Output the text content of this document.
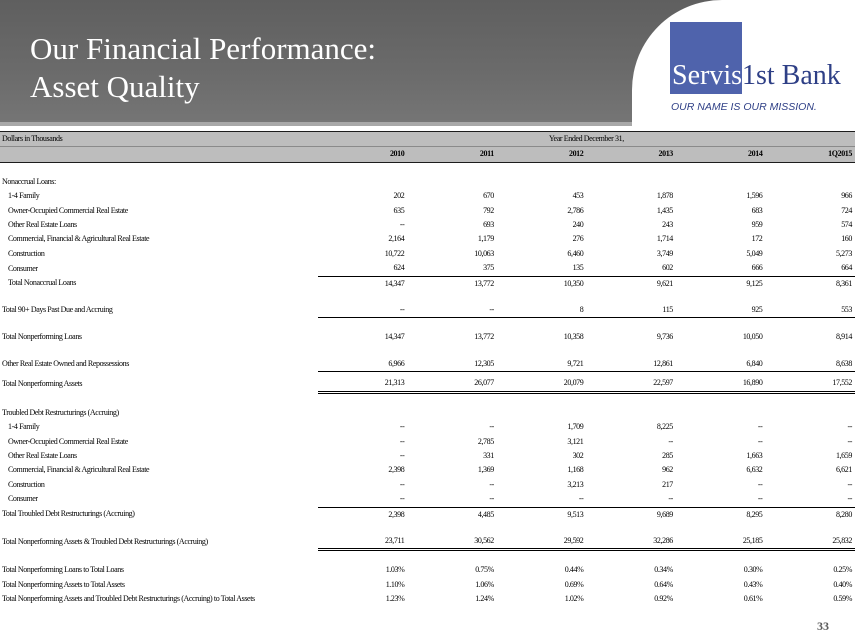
Our Financial Performance:
Asset Quality	Servis1st Bank
OUR NAME IS OUR MISSION.
Dollars in Thousands	Year Ended December 31,					
	2010	2011	2012	2013	2014	1Q2015

Nonaccrual Loans:						
1-4 Family	202	670	453	1,878	1,596	966
Owner-Occupied Commercial Real Estate	635	792	2,786	1,435	683	724
Other Real Estate Loans	--	693	240	243	959	574
Commercial, Financial & Agricultural Real Estate	2,164	1,179	276	1,714	172	160
Construction	10,722	10,063	6,460	3,749	5,049	5,273
Consumer	624	375	135	602	666	664
Total Nonaccrual Loans	14,347	13,772	10,350	9,621	9,125	8,361

Total 90+ Days Past Due and Accruing	--	--	8	115	925	553

Total Nonperforming Loans	14,347	13,772	10,358	9,736	10,050	8,914

Other Real Estate Owned and Repossessions	6,966	12,305	9,721	12,861	6,840	8,638

Total Nonperforming Assets	21,313	26,077	20,079	22,597	16,890	17,552

Troubled Debt Restructurings (Accruing)						
1-4 Family	--	--	1,709	8,225	--	--
Owner-Occupied Commercial Real Estate	--	2,785	3,121	--	--	--
Other Real Estate Loans	--	331	302	285	1,663	1,659
Commercial, Financial & Agricultural Real Estate	2,398	1,369	1,168	962	6,632	6,621
Construction	--	--	3,213	217	--	--
Consumer	--	--	--	--	--	--
Total Troubled Debt Restructurings (Accruing)	2,398	4,485	9,513	9,689	8,295	8,280

Total Nonperforming Assets & Troubled Debt Restructurings (Accruing)	23,711	30,562	29,592	32,286	25,185	25,832

Total Nonperforming Loans to Total Loans	1.03%	0.75%	0.44%	0.34%	0.30%	0.25%
Total Nonperforming Assets to Total Assets	1.10%	1.06%	0.69%	0.64%	0.43%	0.40%
Total Nonperforming Assets and Troubled Debt Restructurings (Accruing) to Total Assets	1.23%	1.24%	1.02%	0.92%	0.61%	0.59%
33
